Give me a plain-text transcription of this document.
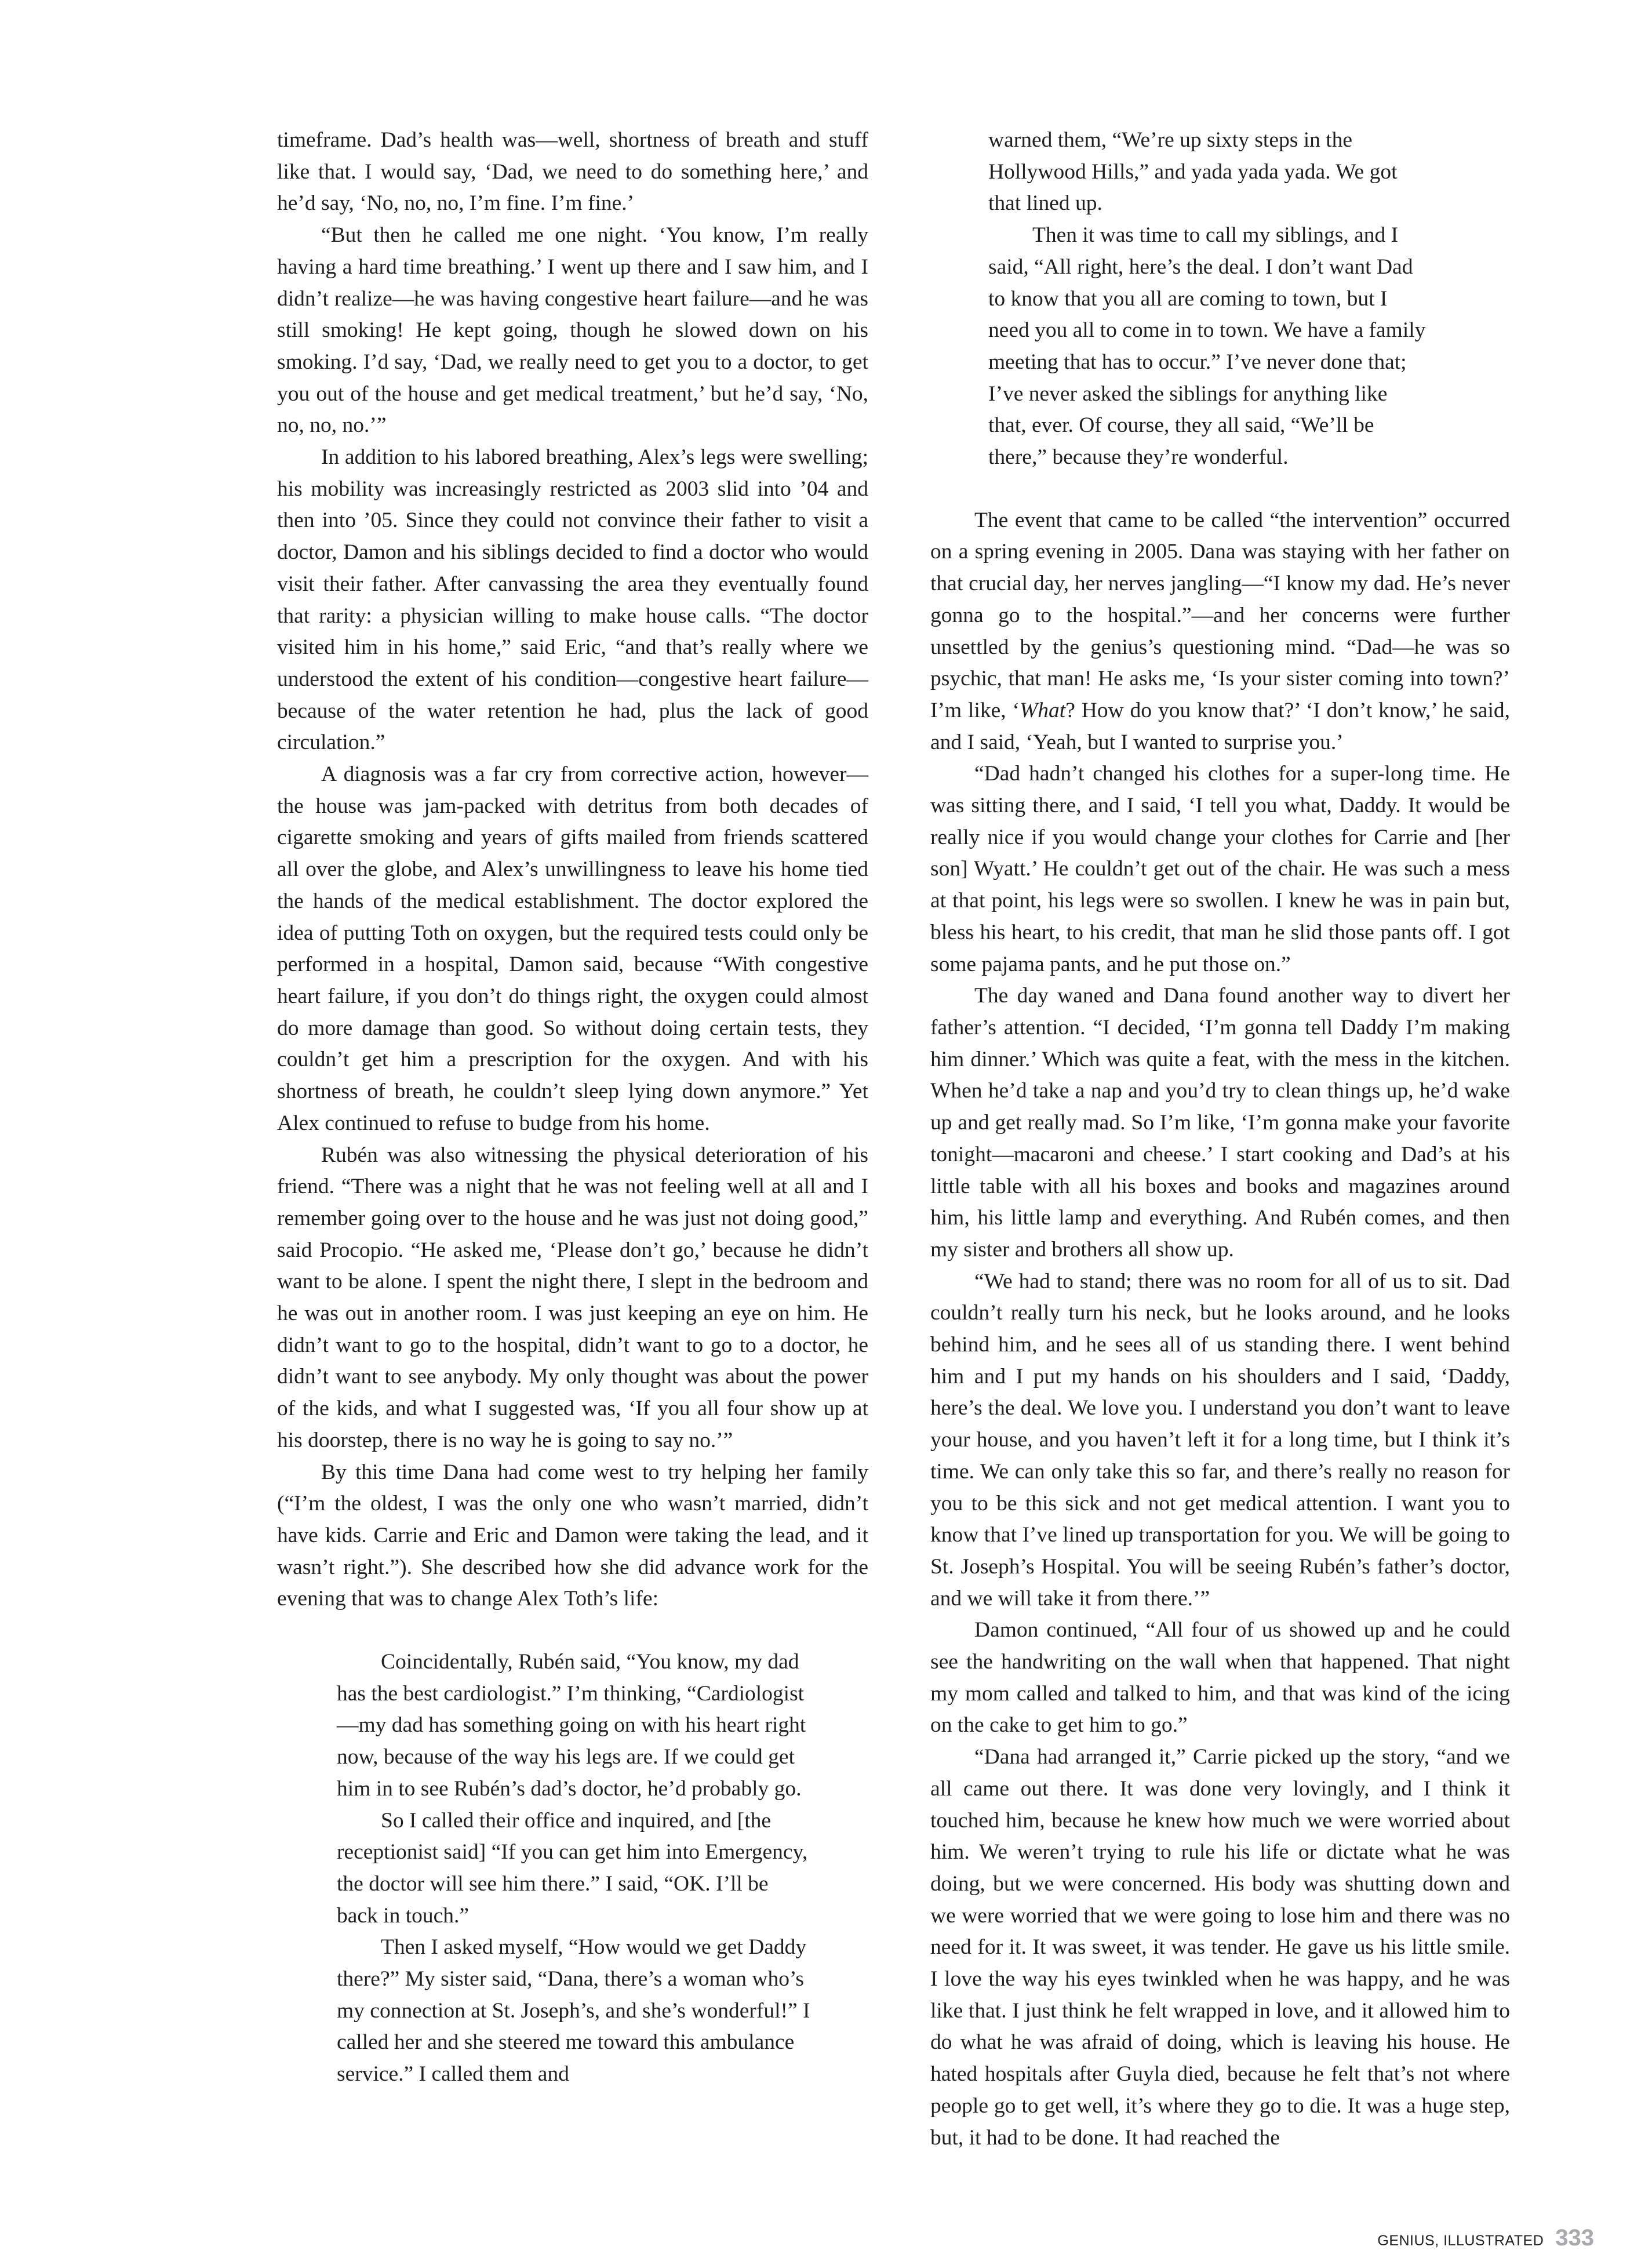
timeframe. Dad’s health was—well, shortness of breath and stuff like that. I would say, ‘Dad, we need to do something here,’ and he’d say, ‘No, no, no, I’m fine. I’m fine.’

“But then he called me one night. ‘You know, I’m really having a hard time breathing.’ I went up there and I saw him, and I didn’t realize—he was having congestive heart failure—and he was still smoking! He kept going, though he slowed down on his smoking. I’d say, ‘Dad, we really need to get you to a doctor, to get you out of the house and get medical treatment,’ but he’d say, ‘No, no, no, no.’”

In addition to his labored breathing, Alex’s legs were swelling; his mobility was increasingly restricted as 2003 slid into ’04 and then into ’05. Since they could not convince their father to visit a doctor, Damon and his siblings decided to find a doctor who would visit their father. After canvassing the area they eventually found that rarity: a physician willing to make house calls. “The doctor visited him in his home,” said Eric, “and that’s really where we understood the extent of his condition—congestive heart failure—because of the water retention he had, plus the lack of good circulation.”

A diagnosis was a far cry from corrective action, however—the house was jam-packed with detritus from both decades of cigarette smoking and years of gifts mailed from friends scattered all over the globe, and Alex’s unwillingness to leave his home tied the hands of the medical establishment. The doctor explored the idea of putting Toth on oxygen, but the required tests could only be performed in a hospital, Damon said, because “With congestive heart failure, if you don’t do things right, the oxygen could almost do more damage than good. So without doing certain tests, they couldn’t get him a prescription for the oxygen. And with his shortness of breath, he couldn’t sleep lying down anymore.” Yet Alex continued to refuse to budge from his home.

Rubén was also witnessing the physical deterioration of his friend. “There was a night that he was not feeling well at all and I remember going over to the house and he was just not doing good,” said Procopio. “He asked me, ‘Please don’t go,’ because he didn’t want to be alone. I spent the night there, I slept in the bedroom and he was out in another room. I was just keeping an eye on him. He didn’t want to go to the hospital, didn’t want to go to a doctor, he didn’t want to see anybody. My only thought was about the power of the kids, and what I suggested was, ‘If you all four show up at his doorstep, there is no way he is going to say no.’”

By this time Dana had come west to try helping her family (“I’m the oldest, I was the only one who wasn’t married, didn’t have kids. Carrie and Eric and Damon were taking the lead, and it wasn’t right.”). She described how she did advance work for the evening that was to change Alex Toth’s life:

Coincidentally, Rubén said, “You know, my dad has the best cardiologist.” I’m thinking, “Cardiologist—my dad has something going on with his heart right now, because of the way his legs are. If we could get him in to see Rubén’s dad’s doctor, he’d probably go.

So I called their office and inquired, and [the receptionist said] “If you can get him into Emergency, the doctor will see him there.” I said, “OK. I’ll be back in touch.”

Then I asked myself, “How would we get Daddy there?” My sister said, “Dana, there’s a woman who’s my connection at St. Joseph’s, and she’s wonderful!” I called her and she steered me toward this ambulance service.” I called them and

warned them, “We’re up sixty steps in the Hollywood Hills,” and yada yada yada. We got that lined up.

Then it was time to call my siblings, and I said, “All right, here’s the deal. I don’t want Dad to know that you all are coming to town, but I need you all to come in to town. We have a family meeting that has to occur.” I’ve never done that; I’ve never asked the siblings for anything like that, ever. Of course, they all said, “We’ll be there,” because they’re wonderful.

The event that came to be called “the intervention” occurred on a spring evening in 2005. Dana was staying with her father on that crucial day, her nerves jangling—“I know my dad. He’s never gonna go to the hospital.”—and her concerns were further unsettled by the genius’s questioning mind. “Dad—he was so psychic, that man! He asks me, ‘Is your sister coming into town?’ I’m like, ‘What? How do you know that?’ ‘I don’t know,’ he said, and I said, ‘Yeah, but I wanted to surprise you.’

“Dad hadn’t changed his clothes for a super-long time. He was sitting there, and I said, ‘I tell you what, Daddy. It would be really nice if you would change your clothes for Carrie and [her son] Wyatt.’ He couldn’t get out of the chair. He was such a mess at that point, his legs were so swollen. I knew he was in pain but, bless his heart, to his credit, that man he slid those pants off. I got some pajama pants, and he put those on.”

The day waned and Dana found another way to divert her father’s attention. “I decided, ‘I’m gonna tell Daddy I’m making him dinner.’ Which was quite a feat, with the mess in the kitchen. When he’d take a nap and you’d try to clean things up, he’d wake up and get really mad. So I’m like, ‘I’m gonna make your favorite tonight—macaroni and cheese.’ I start cooking and Dad’s at his little table with all his boxes and books and magazines around him, his little lamp and everything. And Rubén comes, and then my sister and brothers all show up.

“We had to stand; there was no room for all of us to sit. Dad couldn’t really turn his neck, but he looks around, and he looks behind him, and he sees all of us standing there. I went behind him and I put my hands on his shoulders and I said, ‘Daddy, here’s the deal. We love you. I understand you don’t want to leave your house, and you haven’t left it for a long time, but I think it’s time. We can only take this so far, and there’s really no reason for you to be this sick and not get medical attention. I want you to know that I’ve lined up transportation for you. We will be going to St. Joseph’s Hospital. You will be seeing Rubén’s father’s doctor, and we will take it from there.’”

Damon continued, “All four of us showed up and he could see the handwriting on the wall when that happened. That night my mom called and talked to him, and that was kind of the icing on the cake to get him to go.”

“Dana had arranged it,” Carrie picked up the story, “and we all came out there. It was done very lovingly, and I think it touched him, because he knew how much we were worried about him. We weren’t trying to rule his life or dictate what he was doing, but we were concerned. His body was shutting down and we were worried that we were going to lose him and there was no need for it. It was sweet, it was tender. He gave us his little smile. I love the way his eyes twinkled when he was happy, and he was like that. I just think he felt wrapped in love, and it allowed him to do what he was afraid of doing, which is leaving his house. He hated hospitals after Guyla died, because he felt that’s not where people go to get well, it’s where they go to die. It was a huge step, but, it had to be done. It had reached the

GENIUS, ILLUSTRATED 333
